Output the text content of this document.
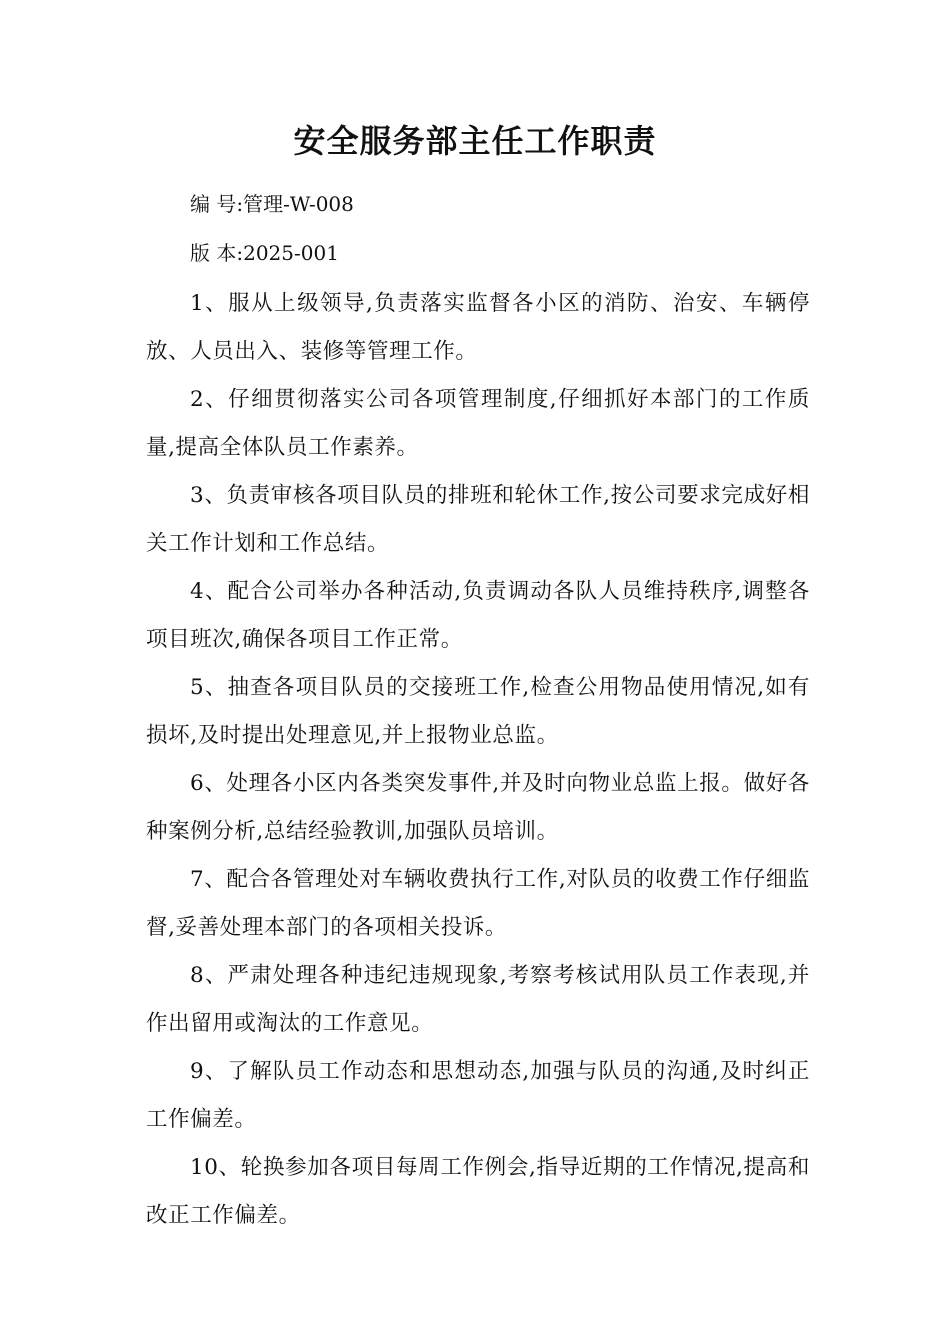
安全服务部主任工作职责
编 号:管理-W-008
版 本:2025-001

1、服从上级领导,负责落实监督各小区的消防、治安、车辆停放、人员出入、装修等管理工作。

2、仔细贯彻落实公司各项管理制度,仔细抓好本部门的工作质量,提高全体队员工作素养。

3、负责审核各项目队员的排班和轮休工作,按公司要求完成好相关工作计划和工作总结。

4、配合公司举办各种活动,负责调动各队人员维持秩序,调整各项目班次,确保各项目工作正常。

5、抽查各项目队员的交接班工作,检查公用物品使用情况,如有损坏,及时提出处理意见,并上报物业总监。

6、处理各小区内各类突发事件,并及时向物业总监上报。做好各种案例分析,总结经验教训,加强队员培训。

7、配合各管理处对车辆收费执行工作,对队员的收费工作仔细监督,妥善处理本部门的各项相关投诉。

8、严肃处理各种违纪违规现象,考察考核试用队员工作表现,并作出留用或淘汰的工作意见。

9、了解队员工作动态和思想动态,加强与队员的沟通,及时纠正工作偏差。

10、轮换参加各项目每周工作例会,指导近期的工作情况,提高和改正工作偏差。
